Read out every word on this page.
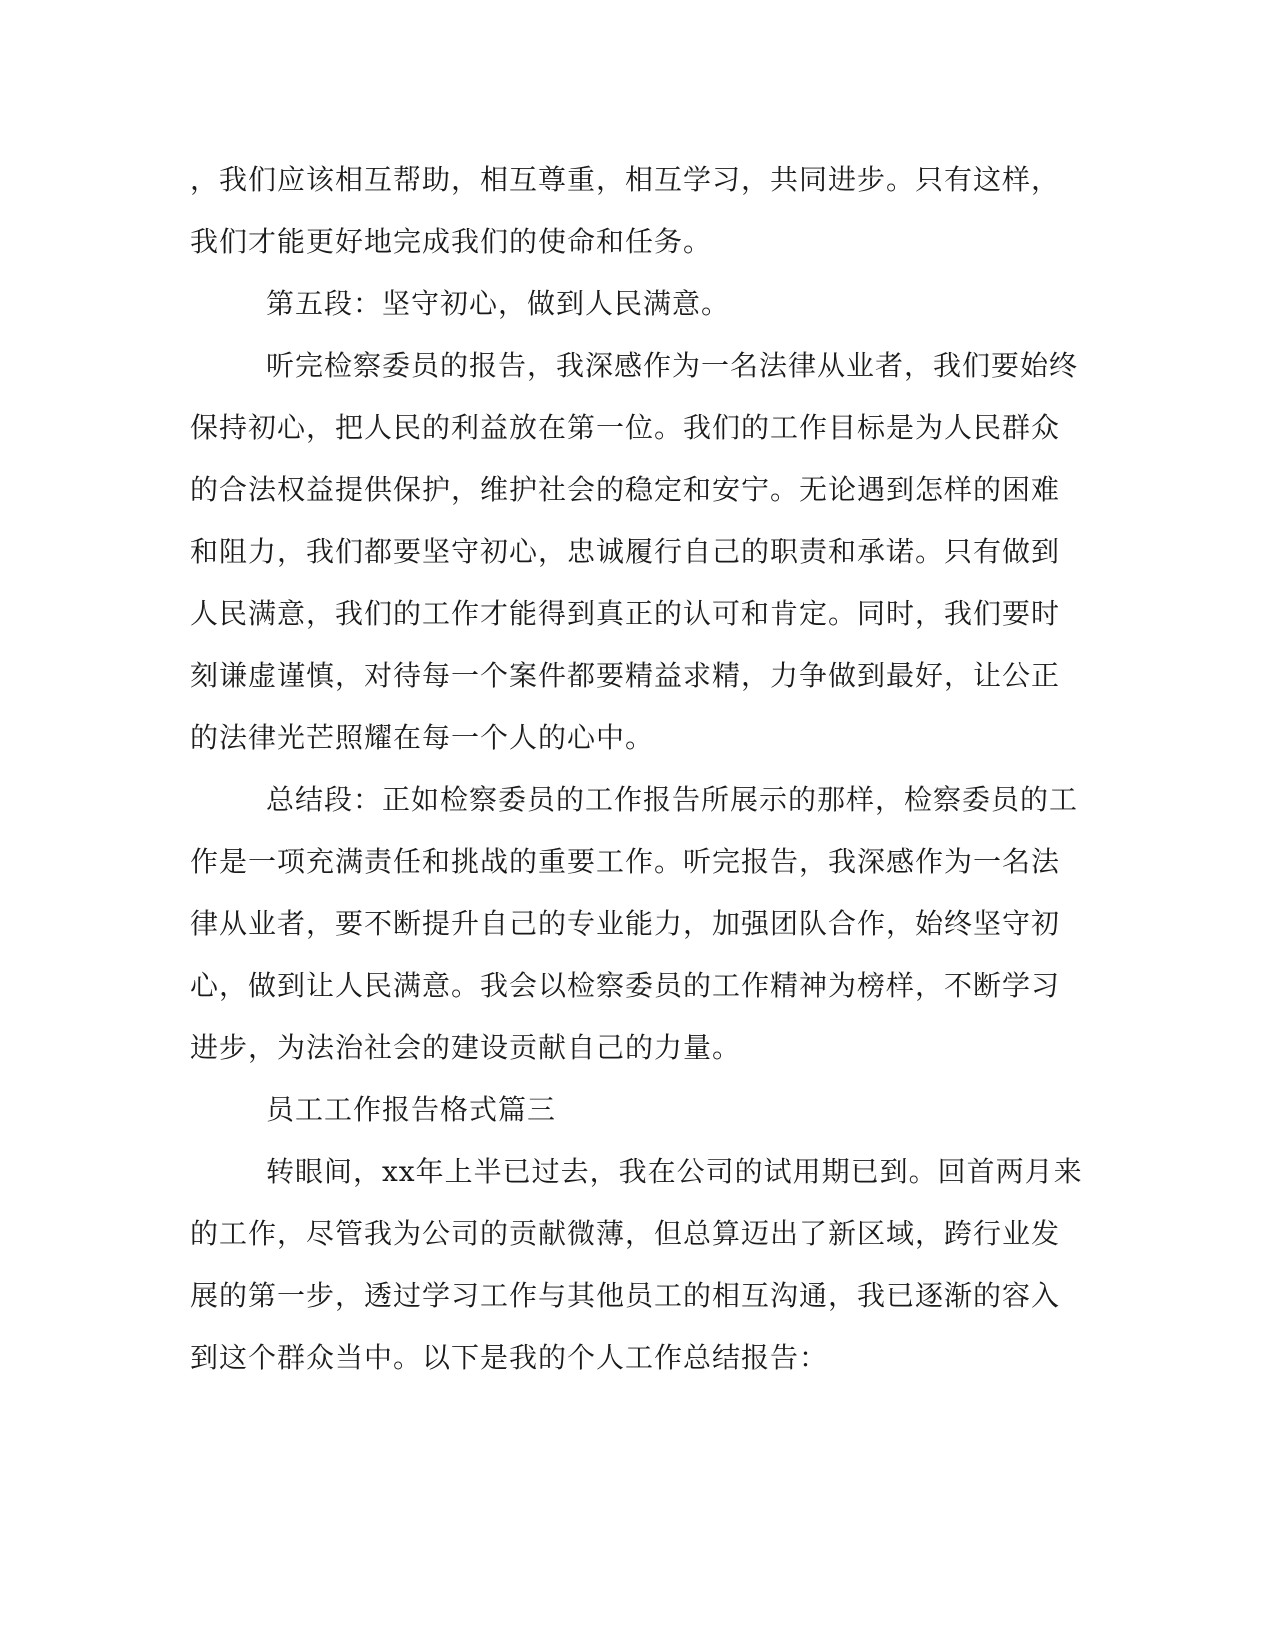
，我们应该相互帮助，相互尊重，相互学习，共同进步。只有这样，
我们才能更好地完成我们的使命和任务。
第五段：坚守初心，做到人民满意。
听完检察委员的报告，我深感作为一名法律从业者，我们要始终
保持初心，把人民的利益放在第一位。我们的工作目标是为人民群众
的合法权益提供保护，维护社会的稳定和安宁。无论遇到怎样的困难
和阻力，我们都要坚守初心，忠诚履行自己的职责和承诺。只有做到
人民满意，我们的工作才能得到真正的认可和肯定。同时，我们要时
刻谦虚谨慎，对待每一个案件都要精益求精，力争做到最好，让公正
的法律光芒照耀在每一个人的心中。
总结段：正如检察委员的工作报告所展示的那样，检察委员的工
作是一项充满责任和挑战的重要工作。听完报告，我深感作为一名法
律从业者，要不断提升自己的专业能力，加强团队合作，始终坚守初
心，做到让人民满意。我会以检察委员的工作精神为榜样，不断学习
进步，为法治社会的建设贡献自己的力量。
员工工作报告格式篇三
转眼间，xx年上半已过去，我在公司的试用期已到。回首两月来
的工作，尽管我为公司的贡献微薄，但总算迈出了新区域，跨行业发
展的第一步，透过学习工作与其他员工的相互沟通，我已逐渐的容入
到这个群众当中。以下是我的个人工作总结报告：
